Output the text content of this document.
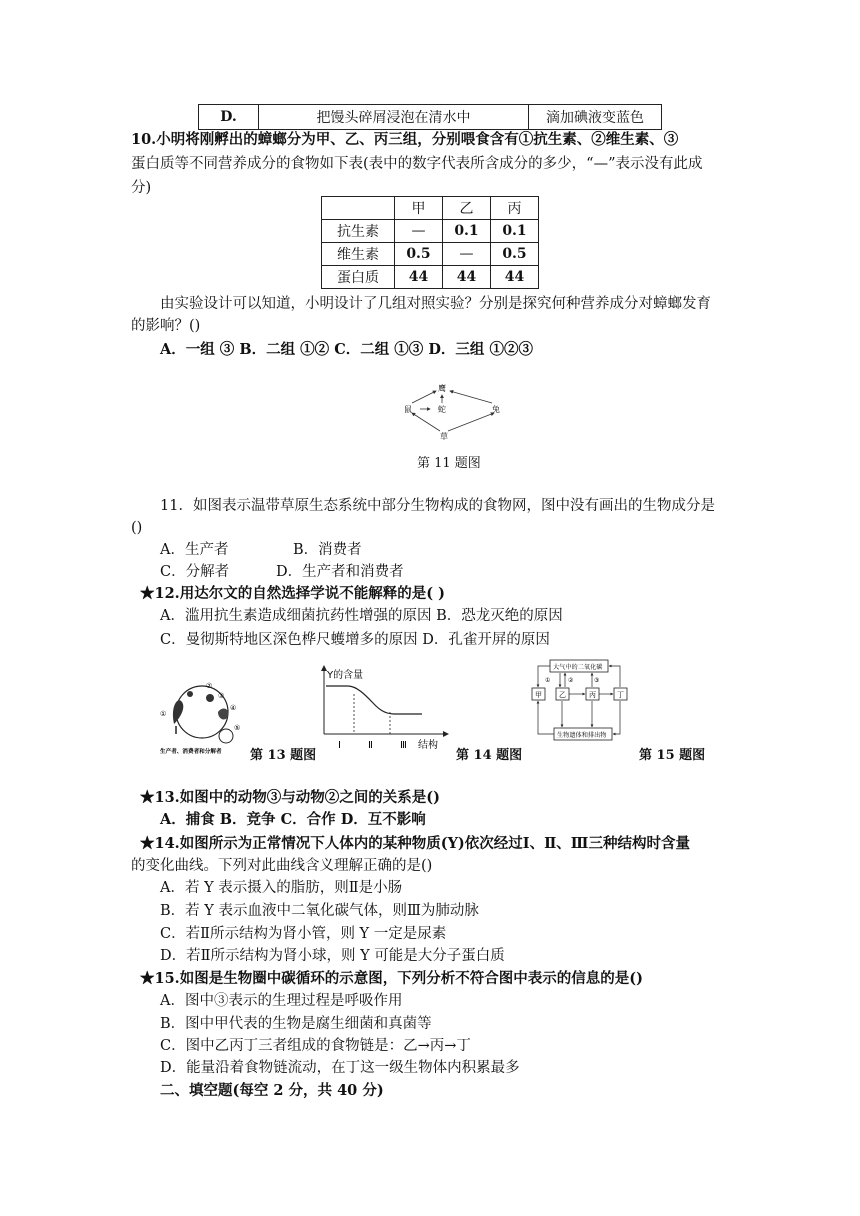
D.	把馒头碎屑浸泡在清水中	滴加碘液变蓝色
10.小明将刚孵出的蟑螂分为甲、乙、丙三组，分别喂食含有①抗生素、②维生素、③
蛋白质等不同营养成分的食物如下表(表中的数字代表所含成分的多少，“—”表示没有此成
分)
	甲	乙	丙
抗生素	—	0.1	0.1
维生素	0.5	—	0.5
蛋白质	44	44	44
由实验设计可以知道，小明设计了几组对照实验？分别是探究何种营养成分对蟑螂发育
的影响？()
A．一组 ③ B．二组 ①② C．二组 ①③ D．三组 ①②③
鹰
鼠	蛇	兔
草
第 11 题图
11．如图表示温带草原生态系统中部分生物构成的食物网，图中没有画出的生物成分是
()
A．生产者	B．消费者
C．分解者	D．生产者和消费者
★12.用达尔文的自然选择学说不能解释的是( )
A．滥用抗生素造成细菌抗药性增强的原因 B．恐龙灭绝的原因
C．曼彻斯特地区深色桦尺蠖增多的原因 D．孔雀开屏的原因
①
②
③
④
⑤
生产者、消费者和分解者 第 13 题图
Y的含量
Ⅰ	Ⅱ	Ⅲ 结构
第 14 题图
大气中的二氧化碳
甲 乙	丙	丁
生物遗体和排出物
①	②	③
第 15 题图
★13.如图中的动物③与动物②之间的关系是()
A．捕食 B．竞争 C．合作 D．互不影响
★14.如图所示为正常情况下人体内的某种物质(Y)依次经过Ⅰ、Ⅱ、Ⅲ三种结构时含量
的变化曲线。下列对此曲线含义理解正确的是()
A．若 Y 表示摄入的脂肪，则Ⅱ是小肠
B．若 Y 表示血液中二氧化碳气体，则Ⅲ为肺动脉
C．若Ⅱ所示结构为肾小管，则 Y 一定是尿素
D．若Ⅱ所示结构为肾小球，则 Y 可能是大分子蛋白质
★15.如图是生物圈中碳循环的示意图，下列分析不符合图中表示的信息的是()
A．图中③表示的生理过程是呼吸作用
B．图中甲代表的生物是腐生细菌和真菌等
C．图中乙丙丁三者组成的食物链是：乙→丙→丁
D．能量沿着食物链流动，在丁这一级生物体内积累最多
二、填空题(每空 2 分，共 40 分)
